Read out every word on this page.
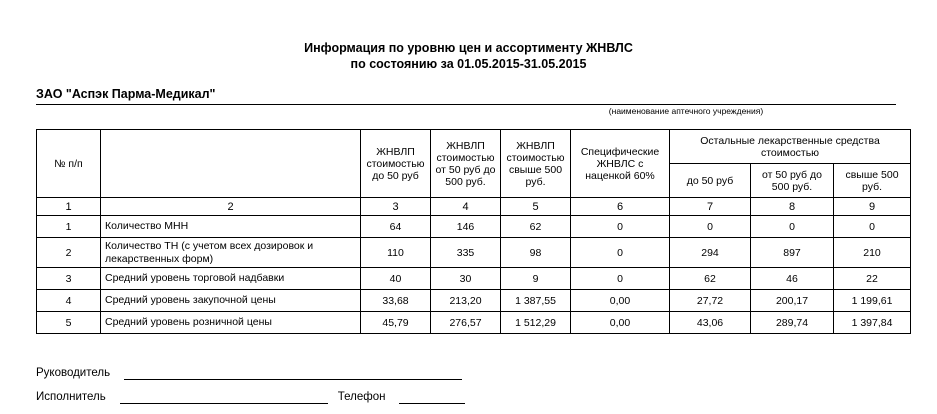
Информация по уровню цен и ассортименту ЖНВЛС
по состоянию за 01.05.2015-31.05.2015
ЗАО "Аспэк Парма-Медикал"
(наименование аптечного учреждения)
№ п/п		ЖНВЛП стоимостью до 50 руб	ЖНВЛП стоимостью от 50 руб до 500 руб.	ЖНВЛП стоимостью свыше 500 руб.	Специфические ЖНВЛС с наценкой 60%	Остальные лекарственные средства стоимостью		
						до 50 руб	от 50 руб до 500 руб.	свыше 500 руб.
1	2	3	4	5	6	7	8	9
1	Количество МНН	64	146	62	0	0	0	0
2	Количество ТН (с учетом всех дозировок и лекарственных форм)	110	335	98	0	294	897	210
3	Средний уровень торговой надбавки	40	30	9	0	62	46	22
4	Средний уровень закупочной цены	33,68	213,20	1 387,55	0,00	27,72	200,17	1 199,61
5	Средний уровень розничной цены	45,79	276,57	1 512,29	0,00	43,06	289,74	1 397,84
Руководитель
Исполнитель	Телефон
